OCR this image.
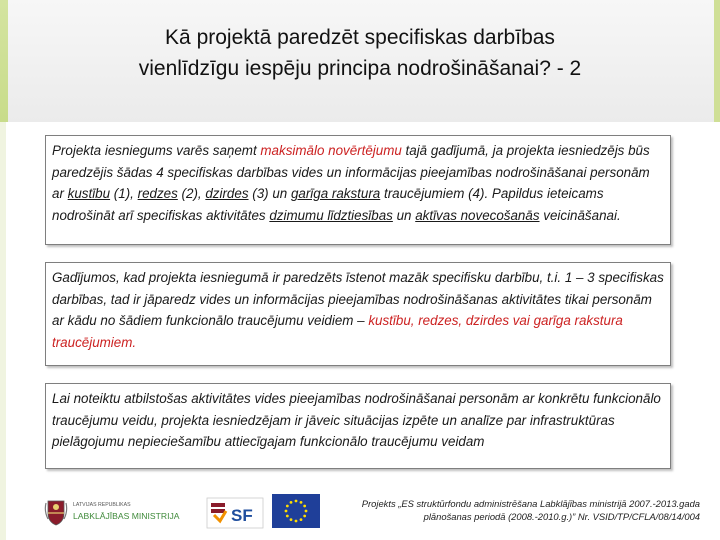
Kā projektā paredzēt specifiskas darbības
vienlīdzīgu iespēju principa nodrošināšanai? - 2

Projekta iesniegums varēs saņemt maksimālo novērtējumu tajā gadījumā, ja projekta iesniedzējs būs paredzējis šādas 4 specifiskas darbības vides un informācijas pieejamības nodrošināšanai personām ar kustību (1), redzes (2), dzirdes (3) un garīga rakstura traucējumiem (4). Papildus ieteicams nodrošināt arī specifiskas aktivitātes dzimumu līdztiesības un aktīvas novecošanās veicināšanai.

Gadījumos, kad projekta iesniegumā ir paredzēts īstenot mazāk specifisku darbību, t.i. 1 – 3 specifiskas darbības, tad ir jāparedz vides un informācijas pieejamības nodrošināšanas aktivitātes tikai personām ar kādu no šādiem funkcionālo traucējumu veidiem – kustību, redzes, dzirdes vai garīga rakstura traucējumiem.

Lai noteiktu atbilstošas aktivitātes vides pieejamības nodrošināšanai personām ar konkrētu funkcionālo traucējumu veidu, projekta iesniedzējam ir jāveic situācijas izpēte un analīze par infrastruktūras pielāgojumu nepieciešamību attiecīgajam funkcionālo traucējumu veidam

LATVIJAS REPUBLIKAS
LABKLĀJĪBAS MINISTRIJA	SF
Projekts „ES struktūrfondu administrēšana Labklājības ministrijā 2007.-2013.gada
plānošanas periodā (2008.-2010.g.)” Nr. VSID/TP/CFLA/08/14/004
